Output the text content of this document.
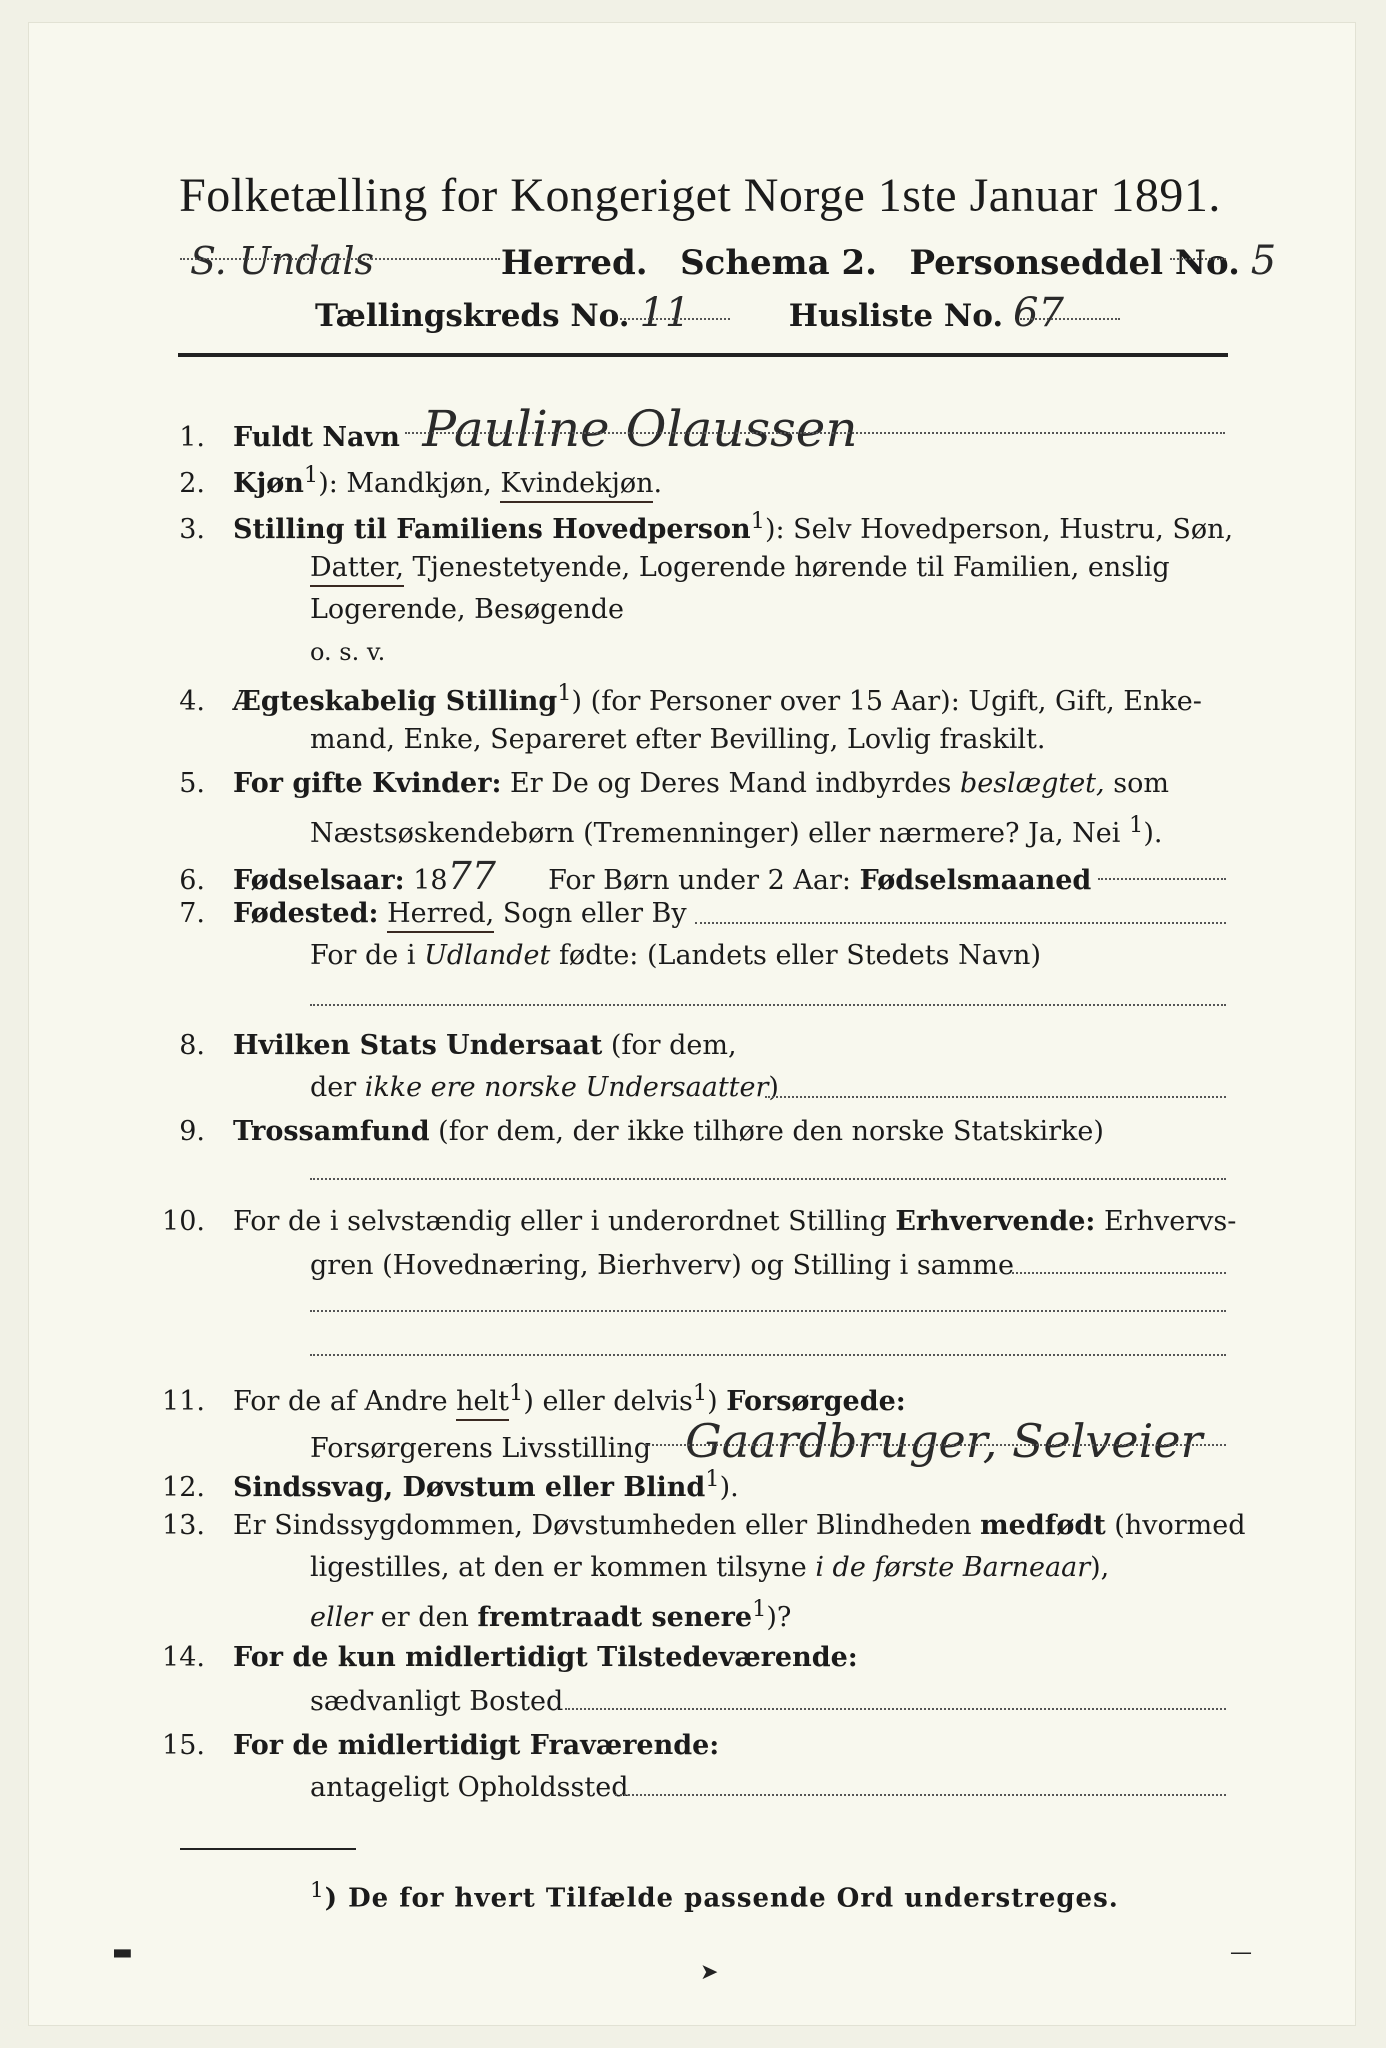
Folketælling for Kongeriget Norge 1ste Januar 1891.
S. Undals	Herred. Schema 2. Personseddel No. 5
Tællingskreds No. 11	Husliste No. 67
1. Fuldt Navn Pauline Olaussen
2. Kjøn$^1$): Mandkjøn, Kvindekjøn.
3. Stilling til Familiens Hovedperson$^1$): Selv Hovedperson, Hustru, Søn,
Datter, Tjenestetyende, Logerende hørende til Familien, enslig
Logerende, Besøgende
o. s. v.
4. Ægteskabelig Stilling$^1$) (for Personer over 15 Aar): Ugift, Gift, Enke-
mand, Enke, Separeret efter Bevilling, Lovlig fraskilt.
5. For gifte Kvinder: Er De og Deres Mand indbyrdes beslægtet, som
Næstsøskendebørn (Tremenninger) eller nærmere? Ja, Nei $^1$).
6. Fødselsaar: 1877 For Børn under 2 Aar: Fødselsmaaned
7. Fødested: Herred, Sogn eller By
For de i Udlandet fødte: (Landets eller Stedets Navn)
8. Hvilken Stats Undersaat (for dem,
der ikke ere norske Undersaatter)
9. Trossamfund (for dem, der ikke tilhøre den norske Statskirke)
10. For de i selvstændig eller i underordnet Stilling Erhvervende: Erhvervs-
gren (Hovednæring, Bierhverv) og Stilling i samme
11. For de af Andre helt$^1$) eller delvis$^1$) Forsørgede:
Forsørgerens Livsstilling Gaardbruger, Selveier
12. Sindssvag, Døvstum eller Blind$^1$).
13. Er Sindssygdommen, Døvstumheden eller Blindheden medfødt (hvormed
ligestilles, at den er kommen tilsyne i de første Barneaar),
eller er den fremtraadt senere$^1$)?
14. For de kun midlertidigt Tilstedeværende:
sædvanligt Bosted
15. For de midlertidigt Fraværende:
antageligt Opholdssted
$^1$) De for hvert Tilfælde passende Ord understreges.
▬
➤
—
